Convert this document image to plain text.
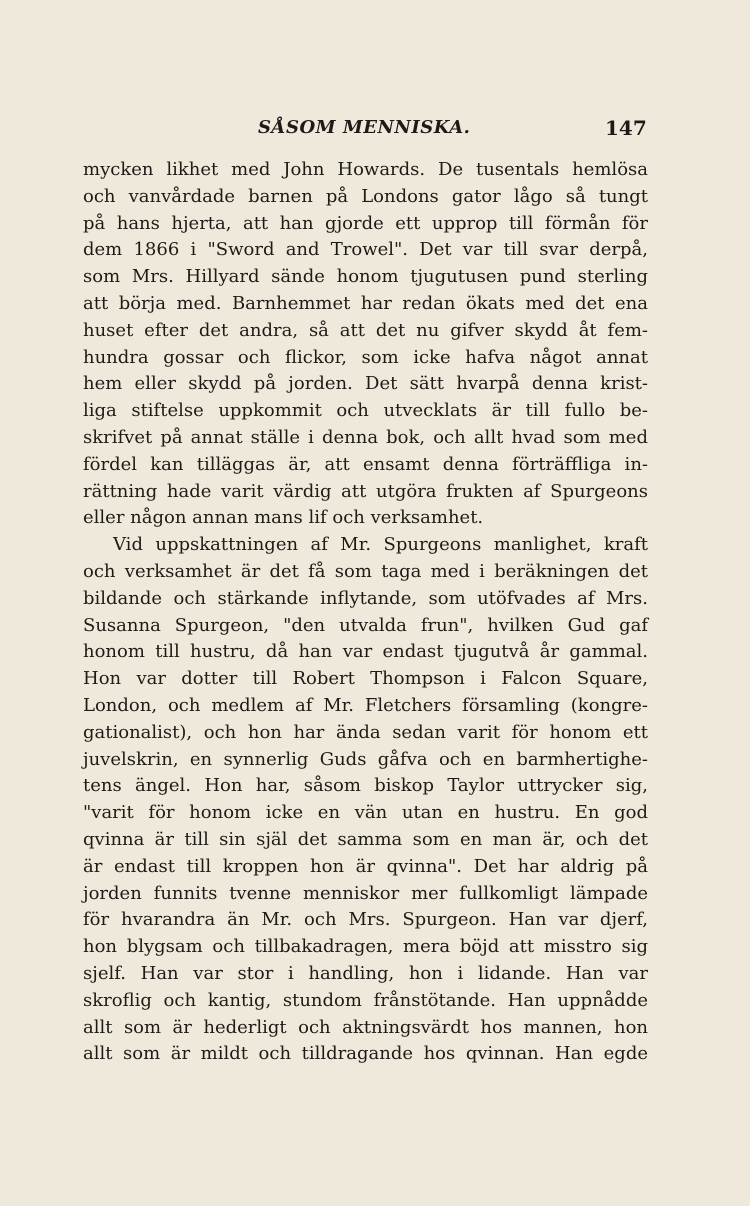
SÅSOM MENNISKA.	147
mycken likhet med John Howards. De tusentals hemlösa
och vanvårdade barnen på Londons gator lågo så tungt
på hans hjerta, att han gjorde ett upprop till förmån för
dem 1866 i "Sword and Trowel". Det var till svar derpå,
som Mrs. Hillyard sände honom tjugutusen pund sterling
att börja med. Barnhemmet har redan ökats med det ena
huset efter det andra, så att det nu gifver skydd åt fem-
hundra gossar och flickor, som icke hafva något annat
hem eller skydd på jorden. Det sätt hvarpå denna krist-
liga stiftelse uppkommit och utvecklats är till fullo be-
skrifvet på annat ställe i denna bok, och allt hvad som med
fördel kan tilläggas är, att ensamt denna förträffliga in-
rättning hade varit värdig att utgöra frukten af Spurgeons
eller någon annan mans lif och verksamhet.
Vid uppskattningen af Mr. Spurgeons manlighet, kraft
och verksamhet är det få som taga med i beräkningen det
bildande och stärkande inflytande, som utöfvades af Mrs.
Susanna Spurgeon, "den utvalda frun", hvilken Gud gaf
honom till hustru, då han var endast tjugutvå år gammal.
Hon var dotter till Robert Thompson i Falcon Square,
London, och medlem af Mr. Fletchers församling (kongre-
gationalist), och hon har ända sedan varit för honom ett
juvelskrin, en synnerlig Guds gåfva och en barmhertighe-
tens ängel. Hon har, såsom biskop Taylor uttrycker sig,
"varit för honom icke en vän utan en hustru. En god
qvinna är till sin själ det samma som en man är, och det
är endast till kroppen hon är qvinna". Det har aldrig på
jorden funnits tvenne menniskor mer fullkomligt lämpade
för hvarandra än Mr. och Mrs. Spurgeon. Han var djerf,
hon blygsam och tillbakadragen, mera böjd att misstro sig
sjelf. Han var stor i handling, hon i lidande. Han var
skroflig och kantig, stundom frånstötande. Han uppnådde
allt som är hederligt och aktningsvärdt hos mannen, hon
allt som är mildt och tilldragande hos qvinnan. Han egde
